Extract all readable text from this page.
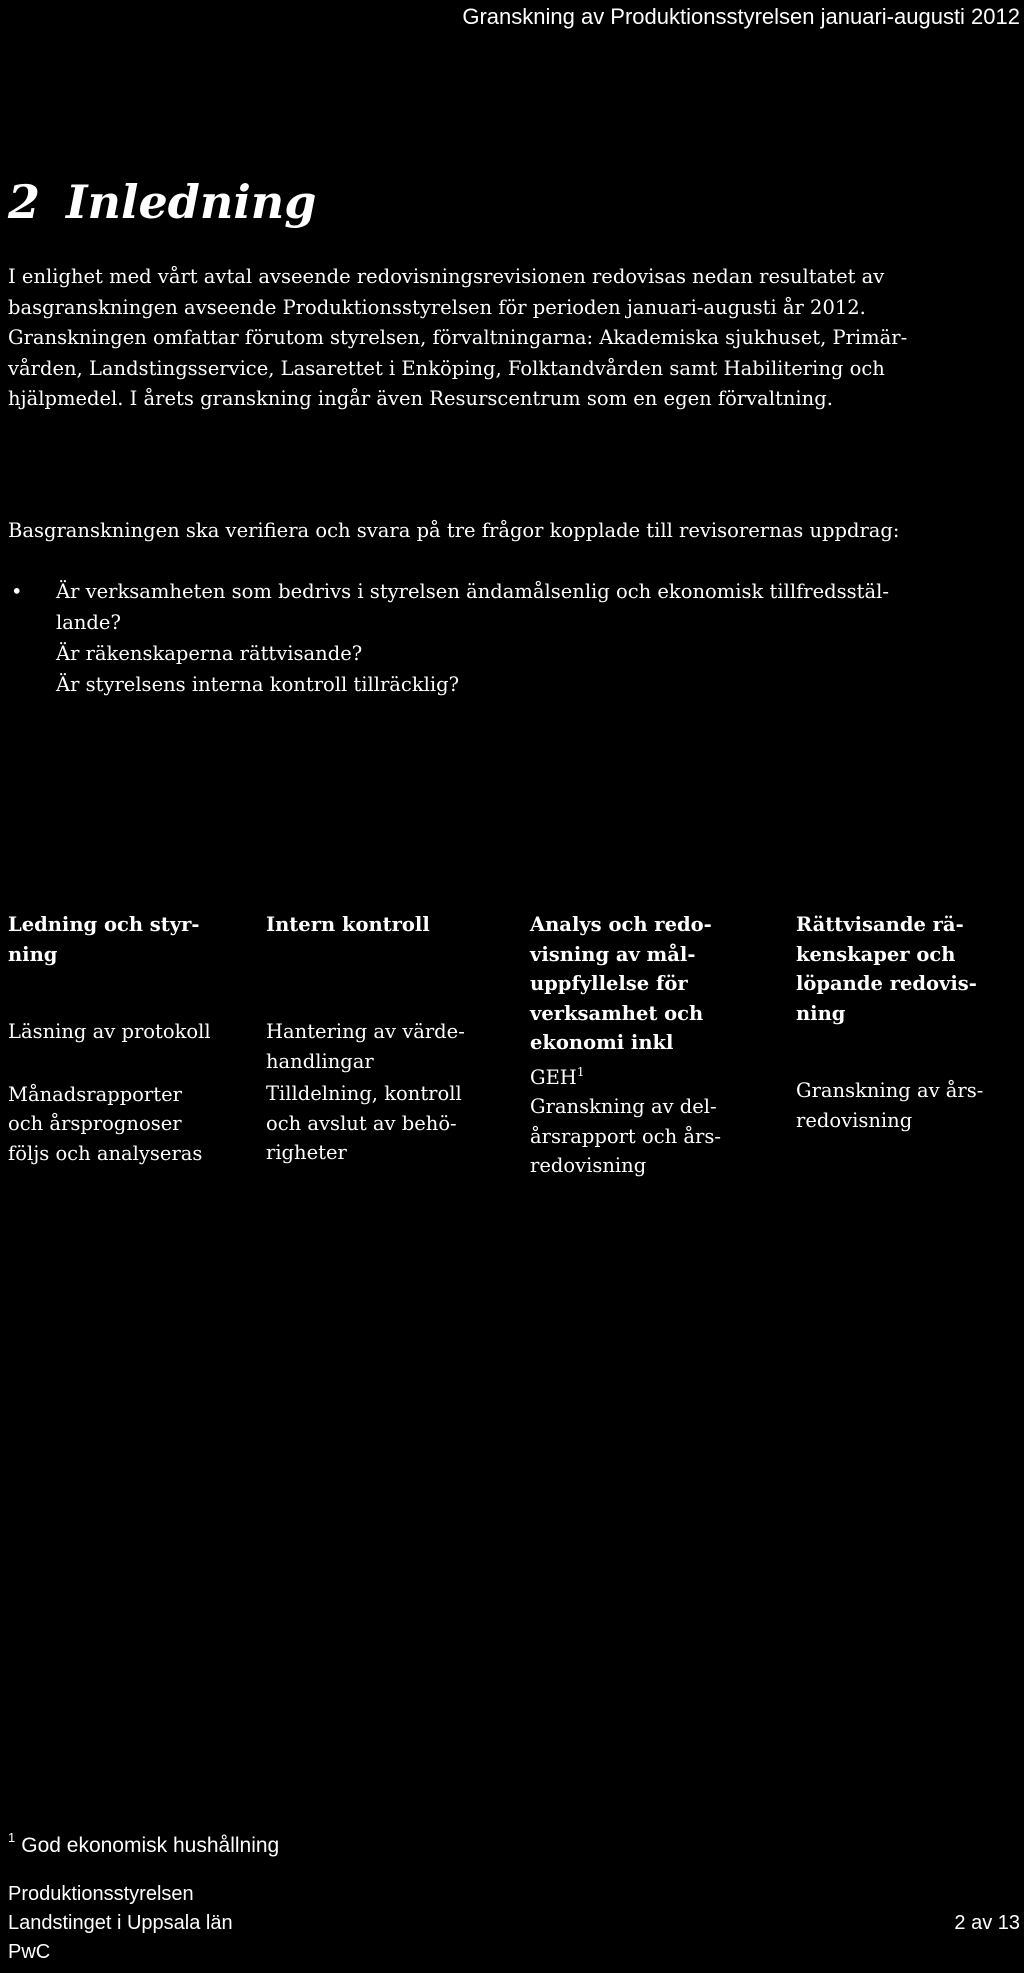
Granskning av Produktionsstyrelsen januari-augusti 2012
2 Inledning

I enlighet med vårt avtal avseende redovisningsrevisionen redovisas nedan resultatet av
basgranskningen avseende Produktionsstyrelsen för perioden januari-augusti år 2012.
Granskningen omfattar förutom styrelsen, förvaltningarna: Akademiska sjukhuset, Primär-
vården, Landstingsservice, Lasarettet i Enköping, Folktandvården samt Habilitering och
hjälpmedel. I årets granskning ingår även Resurscentrum som en egen förvaltning.

Basgranskningen ska verifiera och svara på tre frågor kopplade till revisorernas uppdrag:

• Är verksamheten som bedrivs i styrelsen ändamålsenlig och ekonomisk tillfredsstäl-
lande?
Är räkenskaperna rättvisande?
Är styrelsens interna kontroll tillräcklig?
Ledning och styr-
ning
Läsning av protokoll
Månadsrapporter
och årsprognoser
följs och analyseras
Intern kontroll

Hantering av värde-
handlingar
Tilldelning, kontroll
och avslut av behö-
righeter
Analys och redo-
visning av mål-
uppfyllelse för
verksamhet och
ekonomi inkl
GEH$^1$
Granskning av del-
årsrapport och års-
redovisning
Rättvisande rä-
kenskaper och
löpande redovis-
ning
Granskning av års-
redovisning
$^1$ God ekonomisk hushållning
Produktionsstyrelsen
Landstinget i Uppsala län
PwC
2 av 13
